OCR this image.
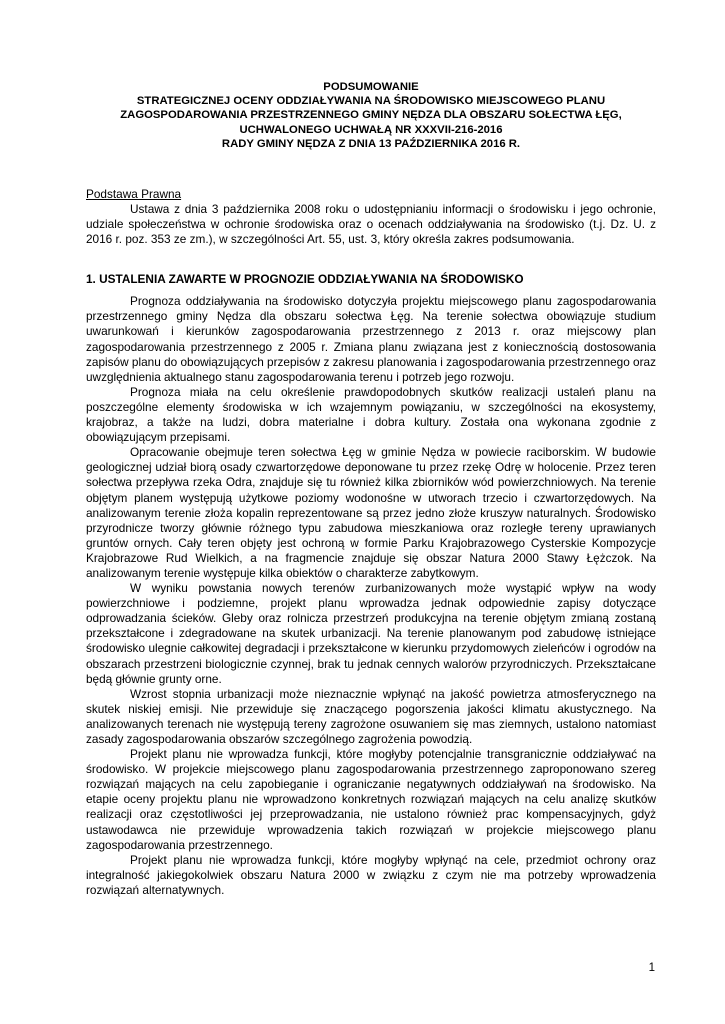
PODSUMOWANIE
STRATEGICZNEJ OCENY ODDZIAŁYWANIA NA ŚRODOWISKO MIEJSCOWEGO PLANU
ZAGOSPODAROWANIA PRZESTRZENNEGO GMINY NĘDZA DLA OBSZARU SOŁECTWA ŁĘG,
UCHWALONEGO UCHWAŁĄ NR XXXVII-216-2016
RADY GMINY NĘDZA Z DNIA 13 PAŹDZIERNIKA 2016 R.
Podstawa Prawna

Ustawa z dnia 3 października 2008 roku o udostępnianiu informacji o środowisku i jego ochronie, udziale społeczeństwa w ochronie środowiska oraz o ocenach oddziaływania na środowisko (t.j. Dz. U. z 2016 r. poz. 353 ze zm.), w szczególności Art. 55, ust. 3, który określa zakres podsumowania.

1. USTALENIA ZAWARTE W PROGNOZIE ODDZIAŁYWANIA NA ŚRODOWISKO

Prognoza oddziaływania na środowisko dotyczyła projektu miejscowego planu zagospodarowania przestrzennego gminy Nędza dla obszaru sołectwa Łęg. Na terenie sołectwa obowiązuje studium uwarunkowań i kierunków zagospodarowania przestrzennego z 2013 r. oraz miejscowy plan zagospodarowania przestrzennego z 2005 r. Zmiana planu związana jest z koniecznością dostosowania zapisów planu do obowiązujących przepisów z zakresu planowania i zagospodarowania przestrzennego oraz uwzględnienia aktualnego stanu zagospodarowania terenu i potrzeb jego rozwoju.

Prognoza miała na celu określenie prawdopodobnych skutków realizacji ustaleń planu na poszczególne elementy środowiska w ich wzajemnym powiązaniu, w szczególności na ekosystemy, krajobraz, a także na ludzi, dobra materialne i dobra kultury. Została ona wykonana zgodnie z obowiązującym przepisami.

Opracowanie obejmuje teren sołectwa Łęg w gminie Nędza w powiecie raciborskim. W budowie geologicznej udział biorą osady czwartorzędowe deponowane tu przez rzekę Odrę w holocenie. Przez teren sołectwa przepływa rzeka Odra, znajduje się tu również kilka zbiorników wód powierzchniowych. Na terenie objętym planem występują użytkowe poziomy wodonośne w utworach trzecio i czwartorzędowych. Na analizowanym terenie złoża kopalin reprezentowane są przez jedno złoże kruszyw naturalnych. Środowisko przyrodnicze tworzy głównie różnego typu zabudowa mieszkaniowa oraz rozległe tereny uprawianych gruntów ornych. Cały teren objęty jest ochroną w formie Parku Krajobrazowego Cysterskie Kompozycje Krajobrazowe Rud Wielkich, a na fragmencie znajduje się obszar Natura 2000 Stawy Łężczok. Na analizowanym terenie występuje kilka obiektów o charakterze zabytkowym.

W wyniku powstania nowych terenów zurbanizowanych może wystąpić wpływ na wody powierzchniowe i podziemne, projekt planu wprowadza jednak odpowiednie zapisy dotyczące odprowadzania ścieków. Gleby oraz rolnicza przestrzeń produkcyjna na terenie objętym zmianą zostaną przekształcone i zdegradowane na skutek urbanizacji. Na terenie planowanym pod zabudowę istniejące środowisko ulegnie całkowitej degradacji i przekształcone w kierunku przydomowych zieleńców i ogrodów na obszarach przestrzeni biologicznie czynnej, brak tu jednak cennych walorów przyrodniczych. Przekształcane będą głównie grunty orne.

Wzrost stopnia urbanizacji może nieznacznie wpłynąć na jakość powietrza atmosferycznego na skutek niskiej emisji. Nie przewiduje się znaczącego pogorszenia jakości klimatu akustycznego. Na analizowanych terenach nie występują tereny zagrożone osuwaniem się mas ziemnych, ustalono natomiast zasady zagospodarowania obszarów szczególnego zagrożenia powodzią.

Projekt planu nie wprowadza funkcji, które mogłyby potencjalnie transgranicznie oddziaływać na środowisko. W projekcie miejscowego planu zagospodarowania przestrzennego zaproponowano szereg rozwiązań mających na celu zapobieganie i ograniczanie negatywnych oddziaływań na środowisko. Na etapie oceny projektu planu nie wprowadzono konkretnych rozwiązań mających na celu analizę skutków realizacji oraz częstotliwości jej przeprowadzania, nie ustalono również prac kompensacyjnych, gdyż ustawodawca nie przewiduje wprowadzenia takich rozwiązań w projekcie miejscowego planu zagospodarowania przestrzennego.

Projekt planu nie wprowadza funkcji, które mogłyby wpłynąć na cele, przedmiot ochrony oraz integralność jakiegokolwiek obszaru Natura 2000 w związku z czym nie ma potrzeby wprowadzenia rozwiązań alternatywnych.

1
